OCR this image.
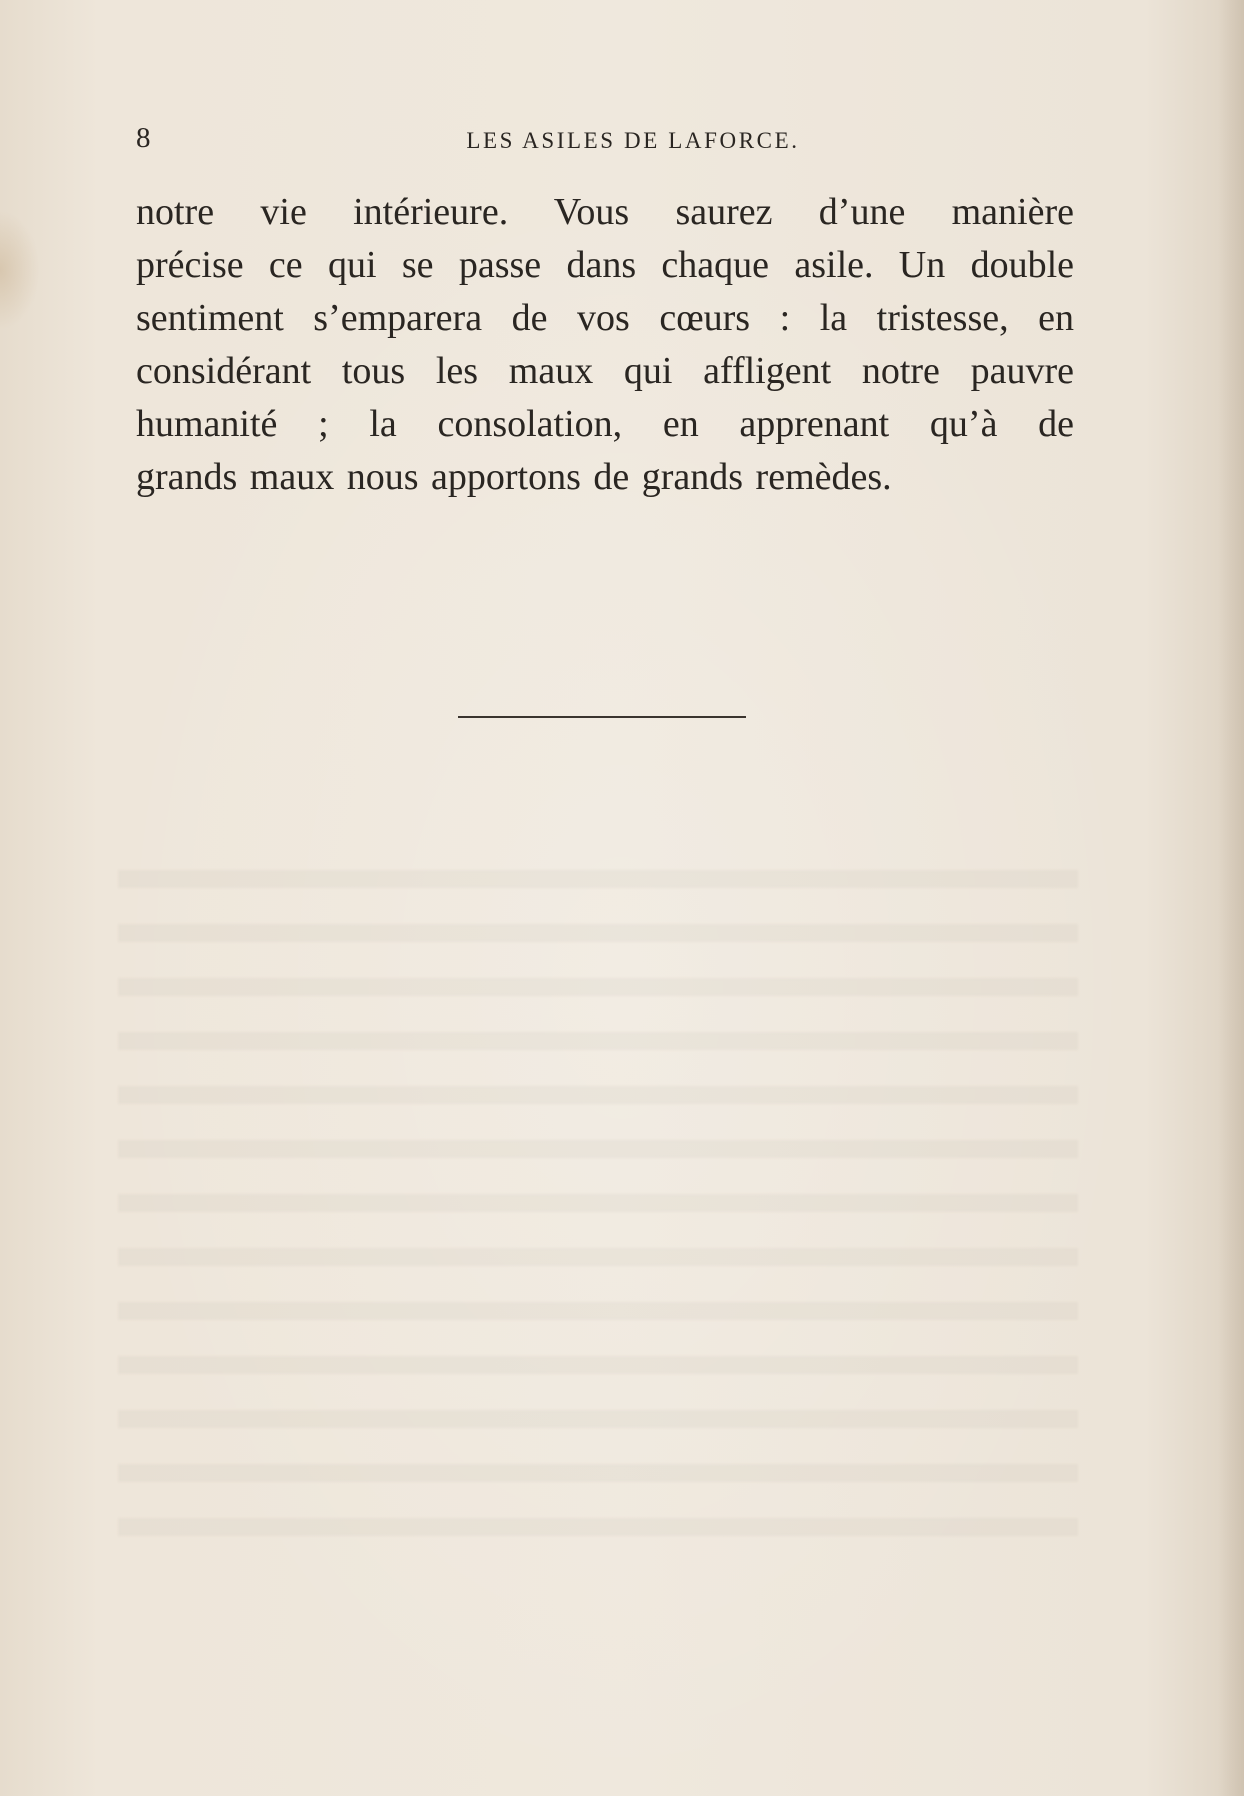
8	LES ASILES DE LAFORCE.
notre vie intérieure. Vous saurez d’une manière
précise ce qui se passe dans chaque asile. Un double
sentiment s’emparera de vos cœurs : la tristesse, en
considérant tous les maux qui affligent notre pauvre
humanité ; la consolation, en apprenant qu’à de
grands maux nous apportons de grands remèdes.
